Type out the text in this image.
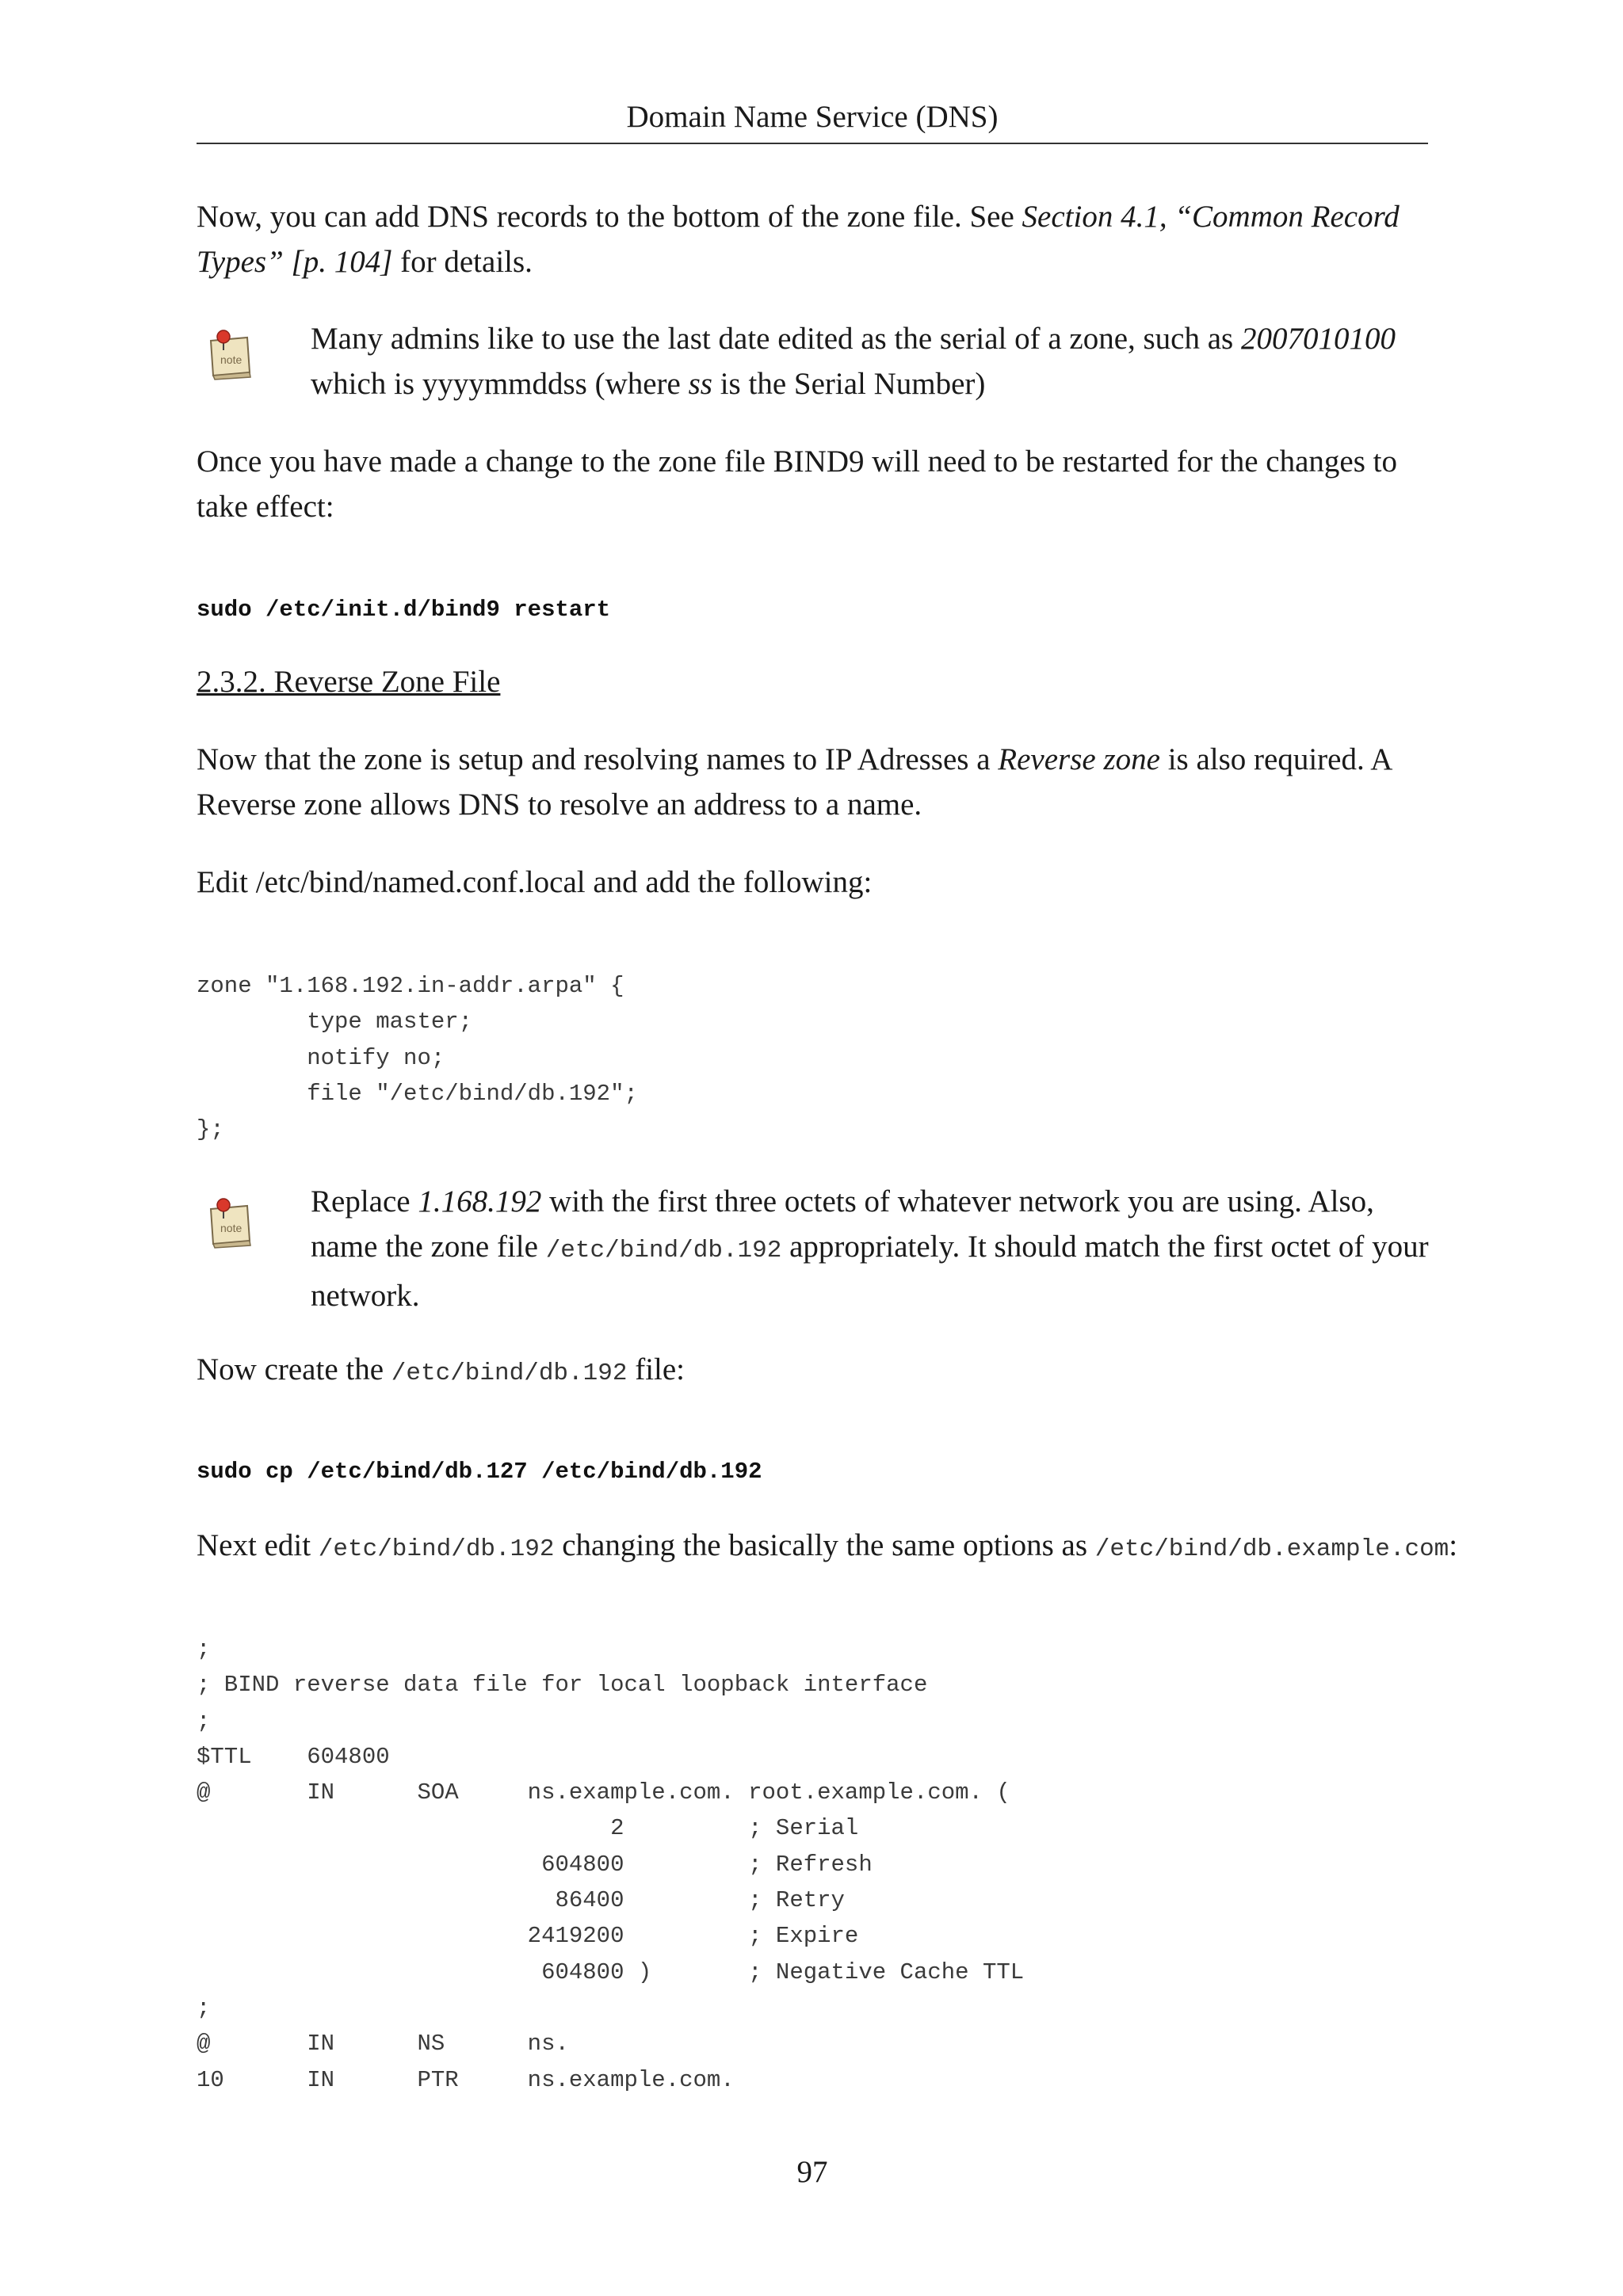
Domain Name Service (DNS)

Now, you can add DNS records to the bottom of the zone file. See Section 4.1, “Common Record Types” [p. 104] for details.

note

Many admins like to use the last date edited as the serial of a zone, such as 2007010100 which is yyyymmddss (where ss is the Serial Number)

Once you have made a change to the zone file BIND9 will need to be restarted for the changes to take effect:

sudo /etc/init.d/bind9 restart
2.3.2. Reverse Zone File

Now that the zone is setup and resolving names to IP Adresses a Reverse zone is also required. A Reverse zone allows DNS to resolve an address to a name.

Edit /etc/bind/named.conf.local and add the following:

zone "1.168.192.in-addr.arpa" {
type master;
notify no;
file "/etc/bind/db.192";
};
note

Replace 1.168.192 with the first three octets of whatever network you are using. Also, name the zone file /etc/bind/db.192 appropriately. It should match the first octet of your network.

Now create the /etc/bind/db.192 file:

sudo cp /etc/bind/db.127 /etc/bind/db.192

Next edit /etc/bind/db.192 changing the basically the same options as /etc/bind/db.example.com:

;
; BIND reverse data file for local loopback interface
;
$TTL    604800
@       IN      SOA     ns.example.com. root.example.com. (
2         ; Serial
604800         ; Refresh
86400         ; Retry
2419200         ; Expire
604800 )       ; Negative Cache TTL
;
@       IN      NS      ns.
10      IN      PTR     ns.example.com.
97
